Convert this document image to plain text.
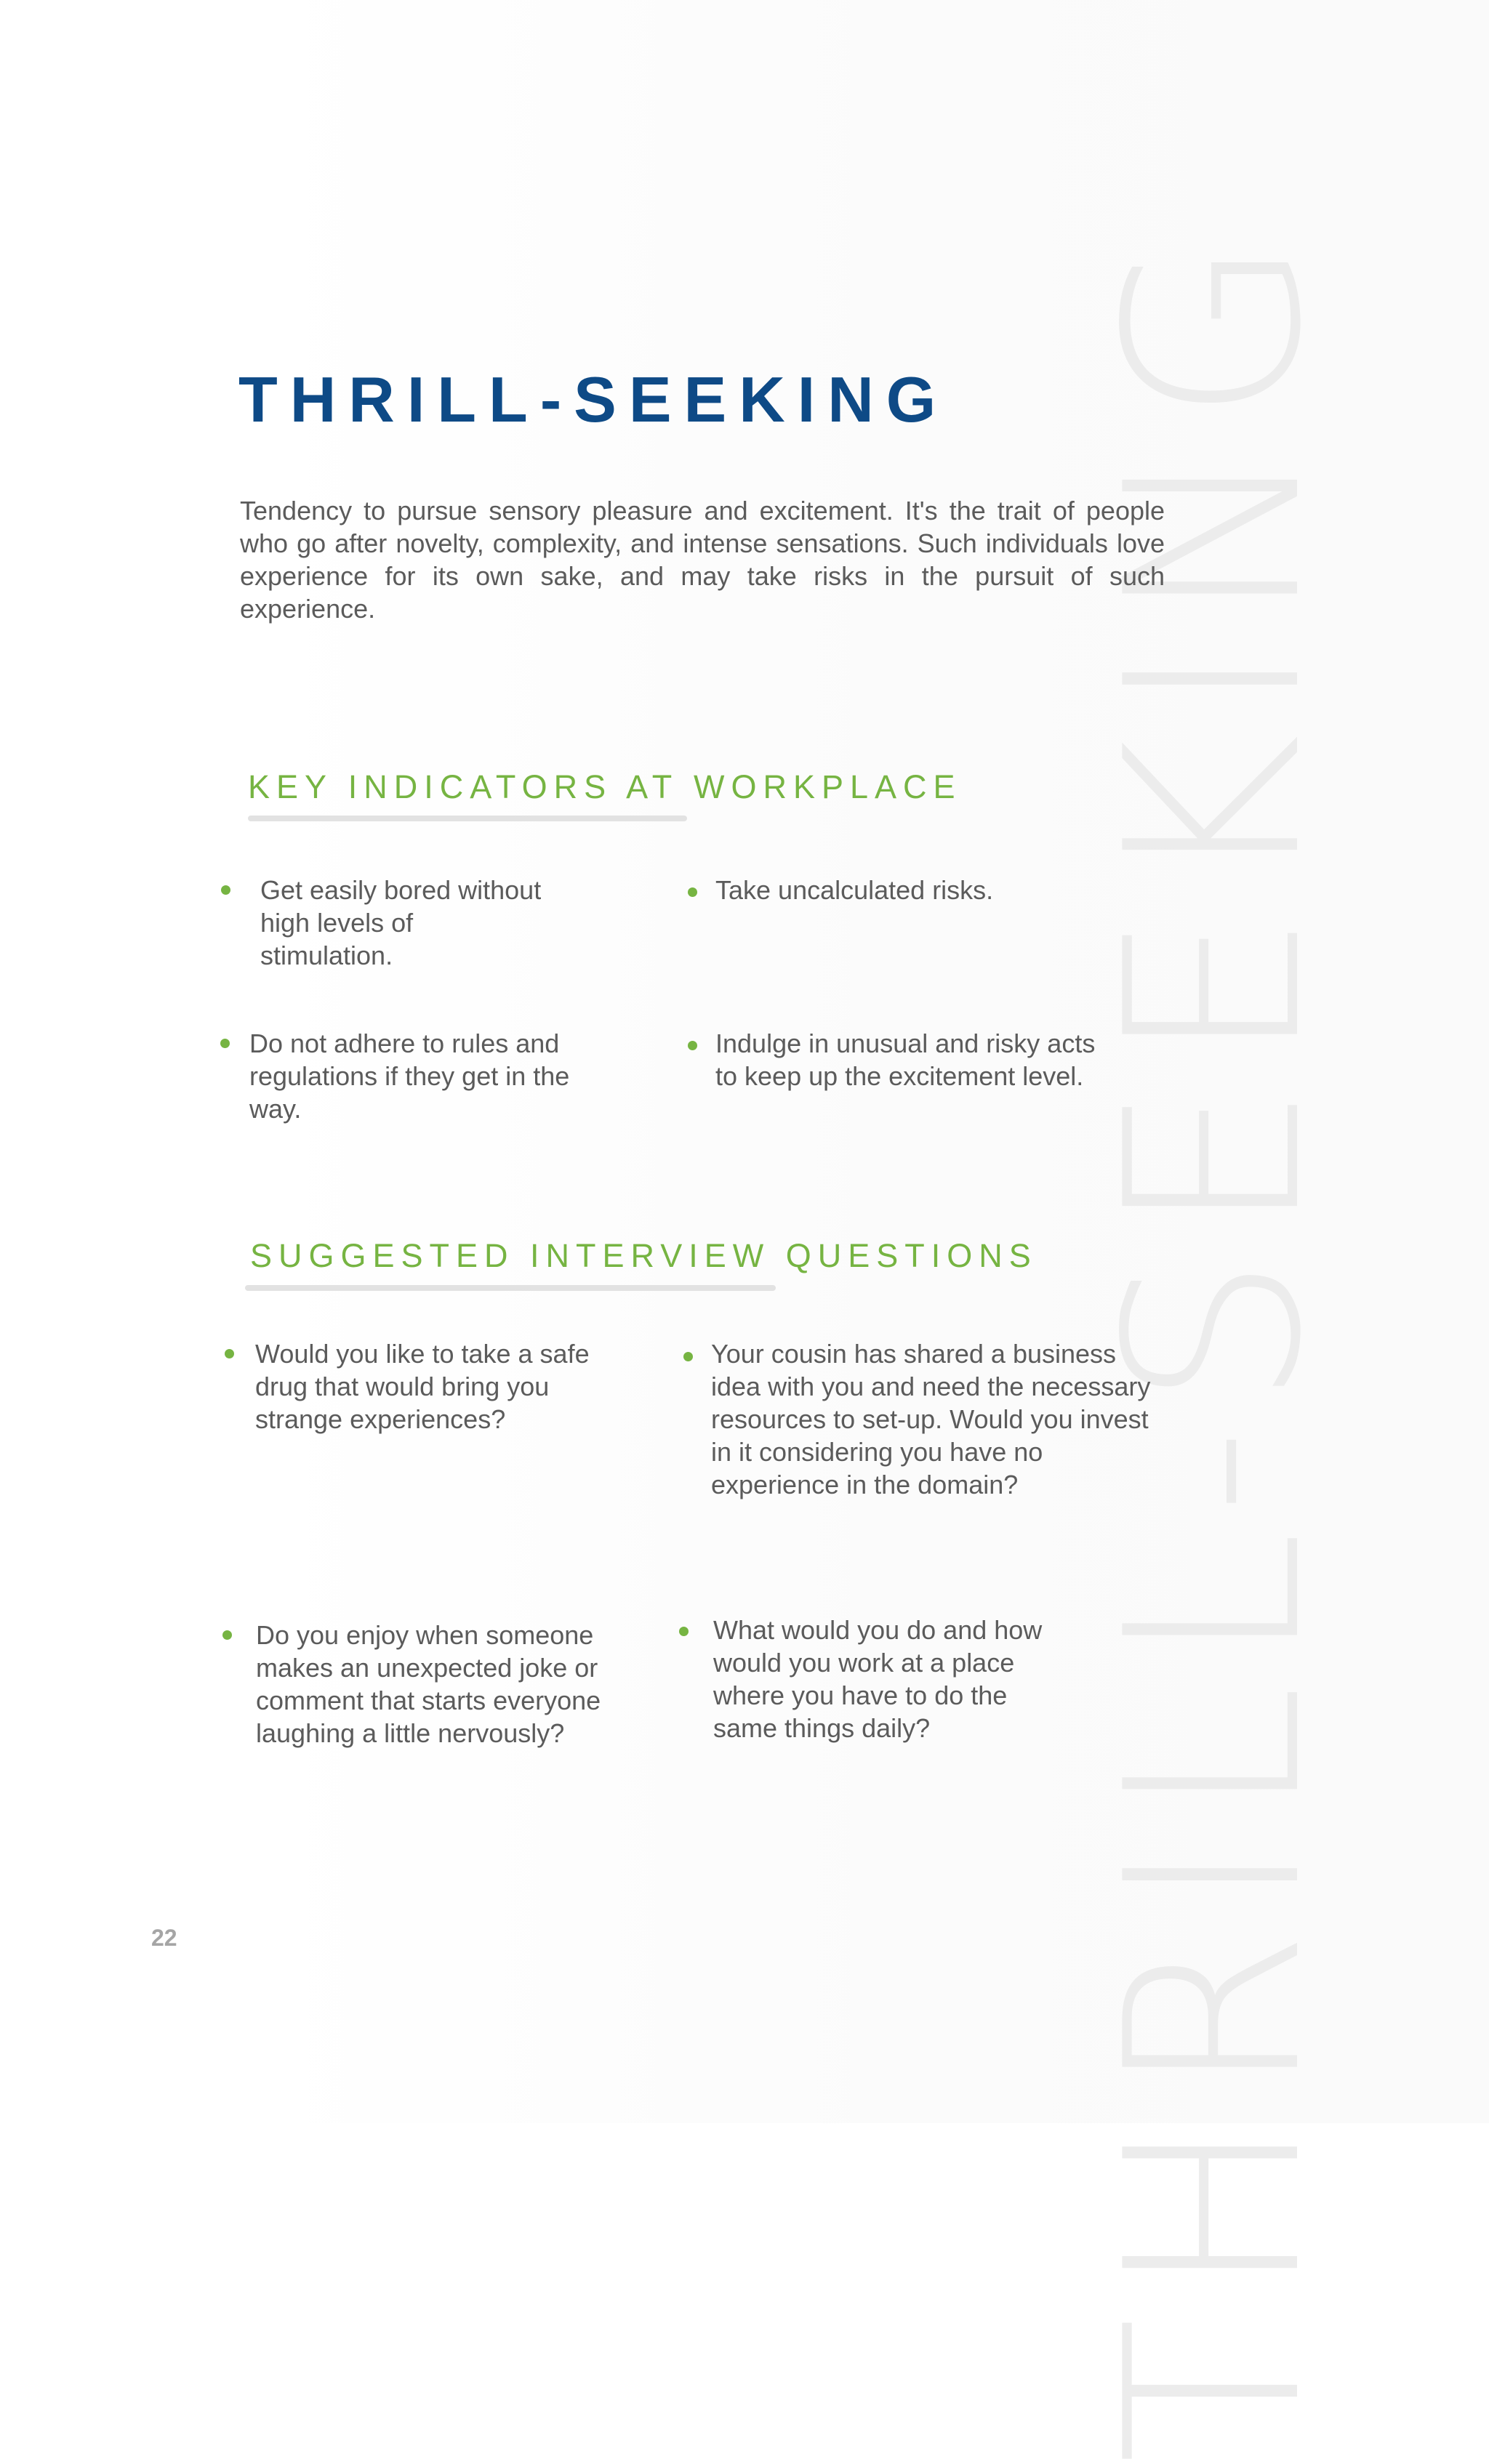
THRILL-SEEKING
THRILL-SEEKING

Tendency to pursue sensory pleasure and excitement. It's the trait of people who go after novelty, complexity, and intense sensations. Such individuals love experience for its own sake, and may take risks in the pursuit of such experience.

KEY INDICATORS AT WORKPLACE
Get easily bored without high levels of stimulation.
Take uncalculated risks.
Do not adhere to rules and regulations if they get in the way.
Indulge in unusual and risky acts to keep up the excitement level.
SUGGESTED INTERVIEW QUESTIONS
Would you like to take a safe drug that would bring you strange experiences?
Your cousin has shared a business idea with you and need the necessary resources to set-up. Would you invest in it considering you have no experience in the domain?
Do you enjoy when someone makes an unexpected joke or comment that starts everyone laughing a little nervously?
What would you do and how would you work at a place where you have to do the same things daily?
22
